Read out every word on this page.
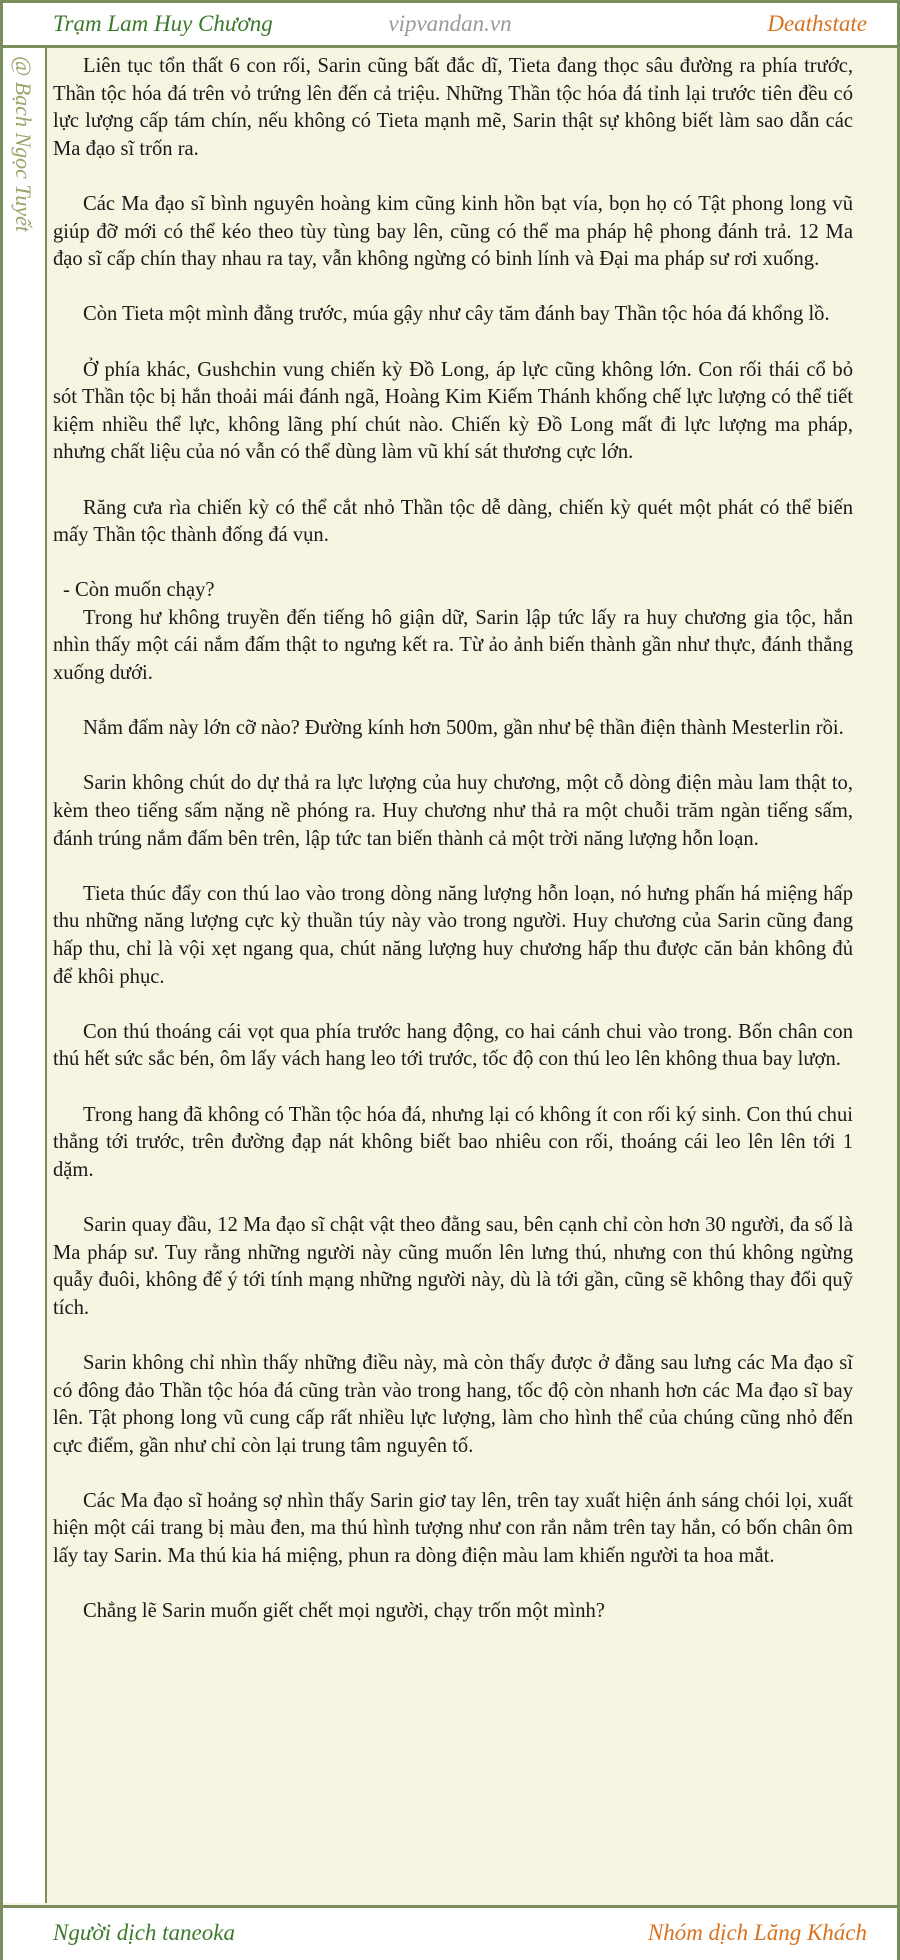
Trạm Lam Huy Chương	vipvandan.vn	Deathstate
@ Bạch Ngọc Tuyết	Liên tục tổn thất 6 con rối, Sarin cũng bất đắc dĩ, Tieta đang thọc sâu đường ra phía trước, Thần tộc hóa đá trên vỏ trứng lên đến cả triệu. Những Thần tộc hóa đá tỉnh lại trước tiên đều có lực lượng cấp tám chín, nếu không có Tieta mạnh mẽ, Sarin thật sự không biết làm sao dẫn các Ma đạo sĩ trốn ra.

Các Ma đạo sĩ bình nguyên hoàng kim cũng kinh hồn bạt vía, bọn họ có Tật phong long vũ giúp đỡ mới có thể kéo theo tùy tùng bay lên, cũng có thể ma pháp hệ phong đánh trả. 12 Ma đạo sĩ cấp chín thay nhau ra tay, vẫn không ngừng có binh lính và Đại ma pháp sư rơi xuống.

Còn Tieta một mình đằng trước, múa gậy như cây tăm đánh bay Thần tộc hóa đá khổng lồ.

Ở phía khác, Gushchin vung chiến kỳ Đồ Long, áp lực cũng không lớn. Con rối thái cổ bỏ sót Thần tộc bị hắn thoải mái đánh ngã, Hoàng Kim Kiếm Thánh khống chế lực lượng có thể tiết kiệm nhiều thể lực, không lãng phí chút nào. Chiến kỳ Đồ Long mất đi lực lượng ma pháp, nhưng chất liệu của nó vẫn có thể dùng làm vũ khí sát thương cực lớn.

Răng cưa rìa chiến kỳ có thể cắt nhỏ Thần tộc dễ dàng, chiến kỳ quét một phát có thể biến mấy Thần tộc thành đống đá vụn.

- Còn muốn chạy?

Trong hư không truyền đến tiếng hô giận dữ, Sarin lập tức lấy ra huy chương gia tộc, hắn nhìn thấy một cái nắm đấm thật to ngưng kết ra. Từ ảo ảnh biến thành gần như thực, đánh thẳng xuống dưới.

Nắm đấm này lớn cỡ nào? Đường kính hơn 500m, gần như bệ thần điện thành Mesterlin rồi.

Sarin không chút do dự thả ra lực lượng của huy chương, một cỗ dòng điện màu lam thật to, kèm theo tiếng sấm nặng nề phóng ra. Huy chương như thả ra một chuỗi trăm ngàn tiếng sấm, đánh trúng nắm đấm bên trên, lập tức tan biến thành cả một trời năng lượng hỗn loạn.

Tieta thúc đẩy con thú lao vào trong dòng năng lượng hỗn loạn, nó hưng phấn há miệng hấp thu những năng lượng cực kỳ thuần túy này vào trong người. Huy chương của Sarin cũng đang hấp thu, chỉ là vội xẹt ngang qua, chút năng lượng huy chương hấp thu được căn bản không đủ để khôi phục.

Con thú thoáng cái vọt qua phía trước hang động, co hai cánh chui vào trong. Bốn chân con thú hết sức sắc bén, ôm lấy vách hang leo tới trước, tốc độ con thú leo lên không thua bay lượn.

Trong hang đã không có Thần tộc hóa đá, nhưng lại có không ít con rối ký sinh. Con thú chui thẳng tới trước, trên đường đạp nát không biết bao nhiêu con rối, thoáng cái leo lên lên tới 1 dặm.

Sarin quay đầu, 12 Ma đạo sĩ chật vật theo đằng sau, bên cạnh chỉ còn hơn 30 người, đa số là Ma pháp sư. Tuy rằng những người này cũng muốn lên lưng thú, nhưng con thú không ngừng quẫy đuôi, không để ý tới tính mạng những người này, dù là tới gần, cũng sẽ không thay đổi quỹ tích.

Sarin không chỉ nhìn thấy những điều này, mà còn thấy được ở đằng sau lưng các Ma đạo sĩ có đông đảo Thần tộc hóa đá cũng tràn vào trong hang, tốc độ còn nhanh hơn các Ma đạo sĩ bay lên. Tật phong long vũ cung cấp rất nhiều lực lượng, làm cho hình thể của chúng cũng nhỏ đến cực điểm, gần như chỉ còn lại trung tâm nguyên tố.

Các Ma đạo sĩ hoảng sợ nhìn thấy Sarin giơ tay lên, trên tay xuất hiện ánh sáng chói lọi, xuất hiện một cái trang bị màu đen, ma thú hình tượng như con rắn nằm trên tay hắn, có bốn chân ôm lấy tay Sarin. Ma thú kia há miệng, phun ra dòng điện màu lam khiến người ta hoa mắt.

Chẳng lẽ Sarin muốn giết chết mọi người, chạy trốn một mình?

Người dịch taneoka	Nhóm dịch Lăng Khách
